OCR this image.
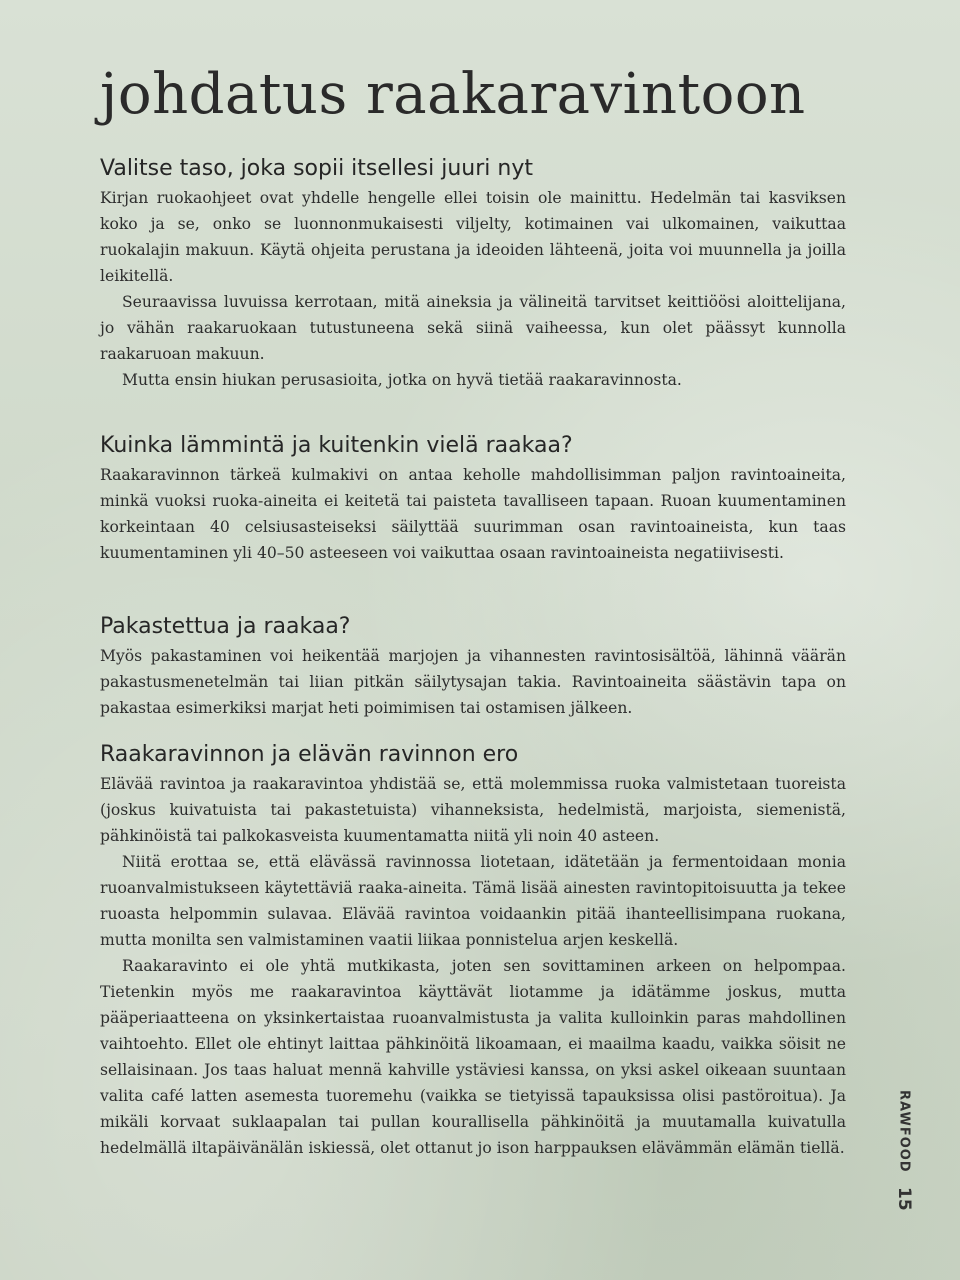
johdatus raakaravintoon
Valitse taso, joka sopii itsellesi juuri nyt

Kirjan ruokaohjeet ovat yhdelle hengelle ellei toisin ole mainittu. Hedelmän tai kasviksen koko ja se, onko se luonnonmukaisesti viljelty, kotimainen vai ulkomainen, vaikuttaa ruokalajin makuun. Käytä ohjeita perustana ja ideoiden lähteenä, joita voi muunnella ja joilla leikitellä.

Seuraavissa luvuissa kerrotaan, mitä aineksia ja välineitä tarvitset keittiöösi aloittelijana, jo vähän raakaruokaan tutustuneena sekä siinä vaiheessa, kun olet päässyt kunnolla raakaruoan makuun.

Mutta ensin hiukan perusasioita, jotka on hyvä tietää raakaravinnosta.

Kuinka lämmintä ja kuitenkin vielä raakaa?

Raakaravinnon tärkeä kulmakivi on antaa keholle mahdollisimman paljon ravintoaineita, minkä vuoksi ruoka-aineita ei keitetä tai paisteta tavalliseen tapaan. Ruoan kuumentaminen korkeintaan 40 celsiusasteiseksi säilyttää suurimman osan ravintoaineista, kun taas kuumentaminen yli 40–50 asteeseen voi vaikuttaa osaan ravintoaineista negatiivisesti.

Pakastettua ja raakaa?

Myös pakastaminen voi heikentää marjojen ja vihannesten ravintosisältöä, lähinnä väärän pakastusmenetelmän tai liian pitkän säilytysajan takia. Ravintoaineita säästävin tapa on pakastaa esimerkiksi marjat heti poimimisen tai ostamisen jälkeen.

Raakaravinnon ja elävän ravinnon ero

Elävää ravintoa ja raakaravintoa yhdistää se, että molemmissa ruoka valmistetaan tuoreista (joskus kuivatuista tai pakastetuista) vihanneksista, hedelmistä, marjoista, siemenistä, pähkinöistä tai palkokasveista kuumentamatta niitä yli noin 40 asteen.

Niitä erottaa se, että elävässä ravinnossa liotetaan, idätetään ja fermentoidaan monia ruoanvalmistukseen käytettäviä raaka-aineita. Tämä lisää ainesten ravintopitoisuutta ja tekee ruoasta helpommin sulavaa. Elävää ravintoa voidaankin pitää ihanteellisimpana ruokana, mutta monilta sen valmistaminen vaatii liikaa ponnistelua arjen keskellä.

Raakaravinto ei ole yhtä mutkikasta, joten sen sovittaminen arkeen on helpompaa. Tietenkin myös me raakaravintoa käyttävät liotamme ja idätämme joskus, mutta pääperiaatteena on yksinkertaistaa ruoanvalmistusta ja valita kulloinkin paras mahdollinen vaihtoehto. Ellet ole ehtinyt laittaa pähkinöitä likoamaan, ei maailma kaadu, vaikka söisit ne sellaisinaan. Jos taas haluat mennä kahville ystäviesi kanssa, on yksi askel oikeaan suuntaan valita café latten asemesta tuoremehu (vaikka se tietyissä tapauksissa olisi pastöroitua). Ja mikäli korvaat suklaapalan tai pullan kourallisella pähkinöitä ja muutamalla kuivatulla hedelmällä iltapäivänälän iskiessä, olet ottanut jo ison harppauksen elävämmän elämän tiellä.	RAWFOOD
15
